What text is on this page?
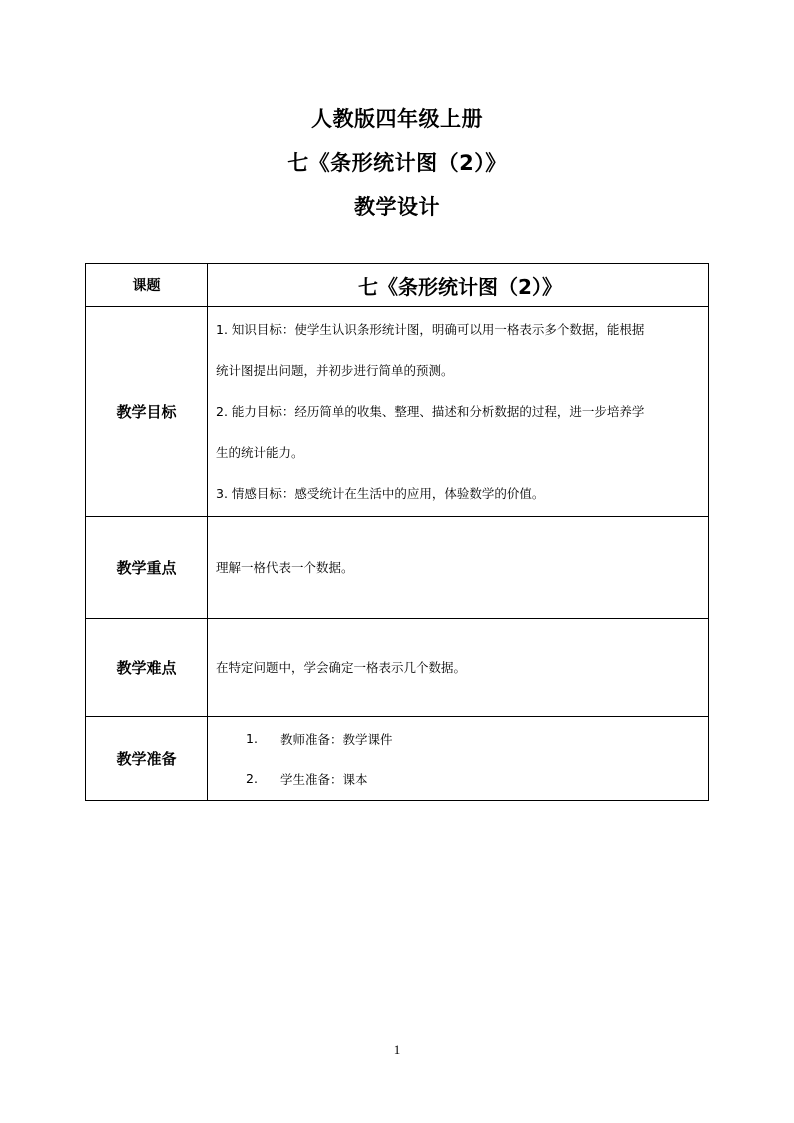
人教版四年级上册
七《条形统计图（2）》
教学设计
课题	七《条形统计图（2）》
教学目标	1. 知识目标：使学生认识条形统计图，明确可以用一格表示多个数据，能根据
统计图提出问题，并初步进行简单的预测。
2. 能力目标：经历简单的收集、整理、描述和分析数据的过程，进一步培养学
生的统计能力。
3. 情感目标：感受统计在生活中的应用，体验数学的价值。

教学重点	理解一格代表一个数据。
教学难点	在特定问题中，学会确定一格表示几个数据。
教学准备	1. 教师准备：教学课件
2. 学生准备：课本
1
